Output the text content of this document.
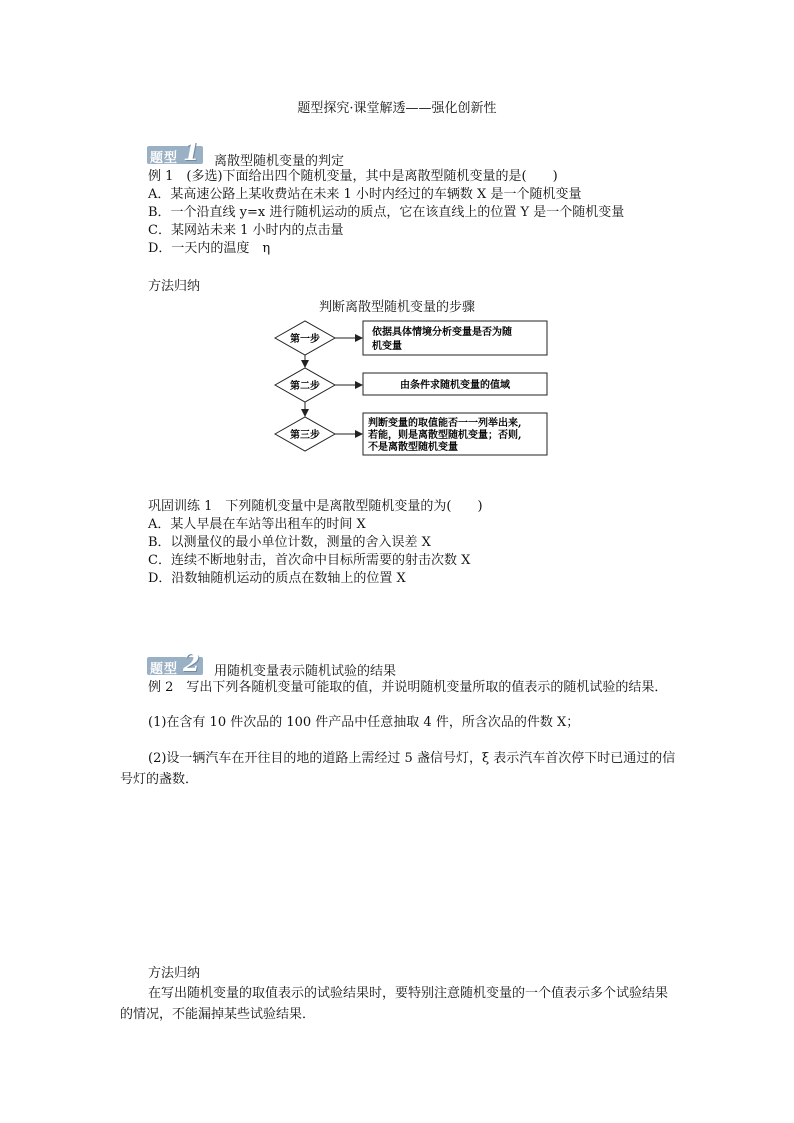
题型探究·课堂解透——强化创新性
题型 1 离散型随机变量的判定
例 1　(多选)下面给出四个随机变量，其中是离散型随机变量的是(　　)
A．某高速公路上某收费站在未来 1 小时内经过的车辆数 X 是一个随机变量
B．一个沿直线 y=x 进行随机运动的质点，它在该直线上的位置 Y 是一个随机变量
C．某网站未来 1 小时内的点击量
D．一天内的温度　η
方法归纳
判断离散型随机变量的步骤
第一步
第二步
第三步
依据具体情境分析变量是否为随
机变量
由条件求随机变量的值域
判断变量的取值能否一一列举出来,
若能，则是离散型随机变量；否则,
不是离散型随机变量
巩固训练 1　下列随机变量中是离散型随机变量的为(　　)
A．某人早晨在车站等出租车的时间 X
B．以测量仪的最小单位计数，测量的舍入误差 X
C．连续不断地射击，首次命中目标所需要的射击次数 X
D．沿数轴随机运动的质点在数轴上的位置 X
题型 2 用随机变量表示随机试验的结果
例 2　写出下列各随机变量可能取的值，并说明随机变量所取的值表示的随机试验的结果．
(1)在含有 10 件次品的 100 件产品中任意抽取 4 件，所含次品的件数 X；
(2)设一辆汽车在开往目的地的道路上需经过 5 盏信号灯，ξ 表示汽车首次停下时已通过的信号灯的盏数．
方法归纳
在写出随机变量的取值表示的试验结果时，要特别注意随机变量的一个值表示多个试验结果的情况，不能漏掉某些试验结果．
